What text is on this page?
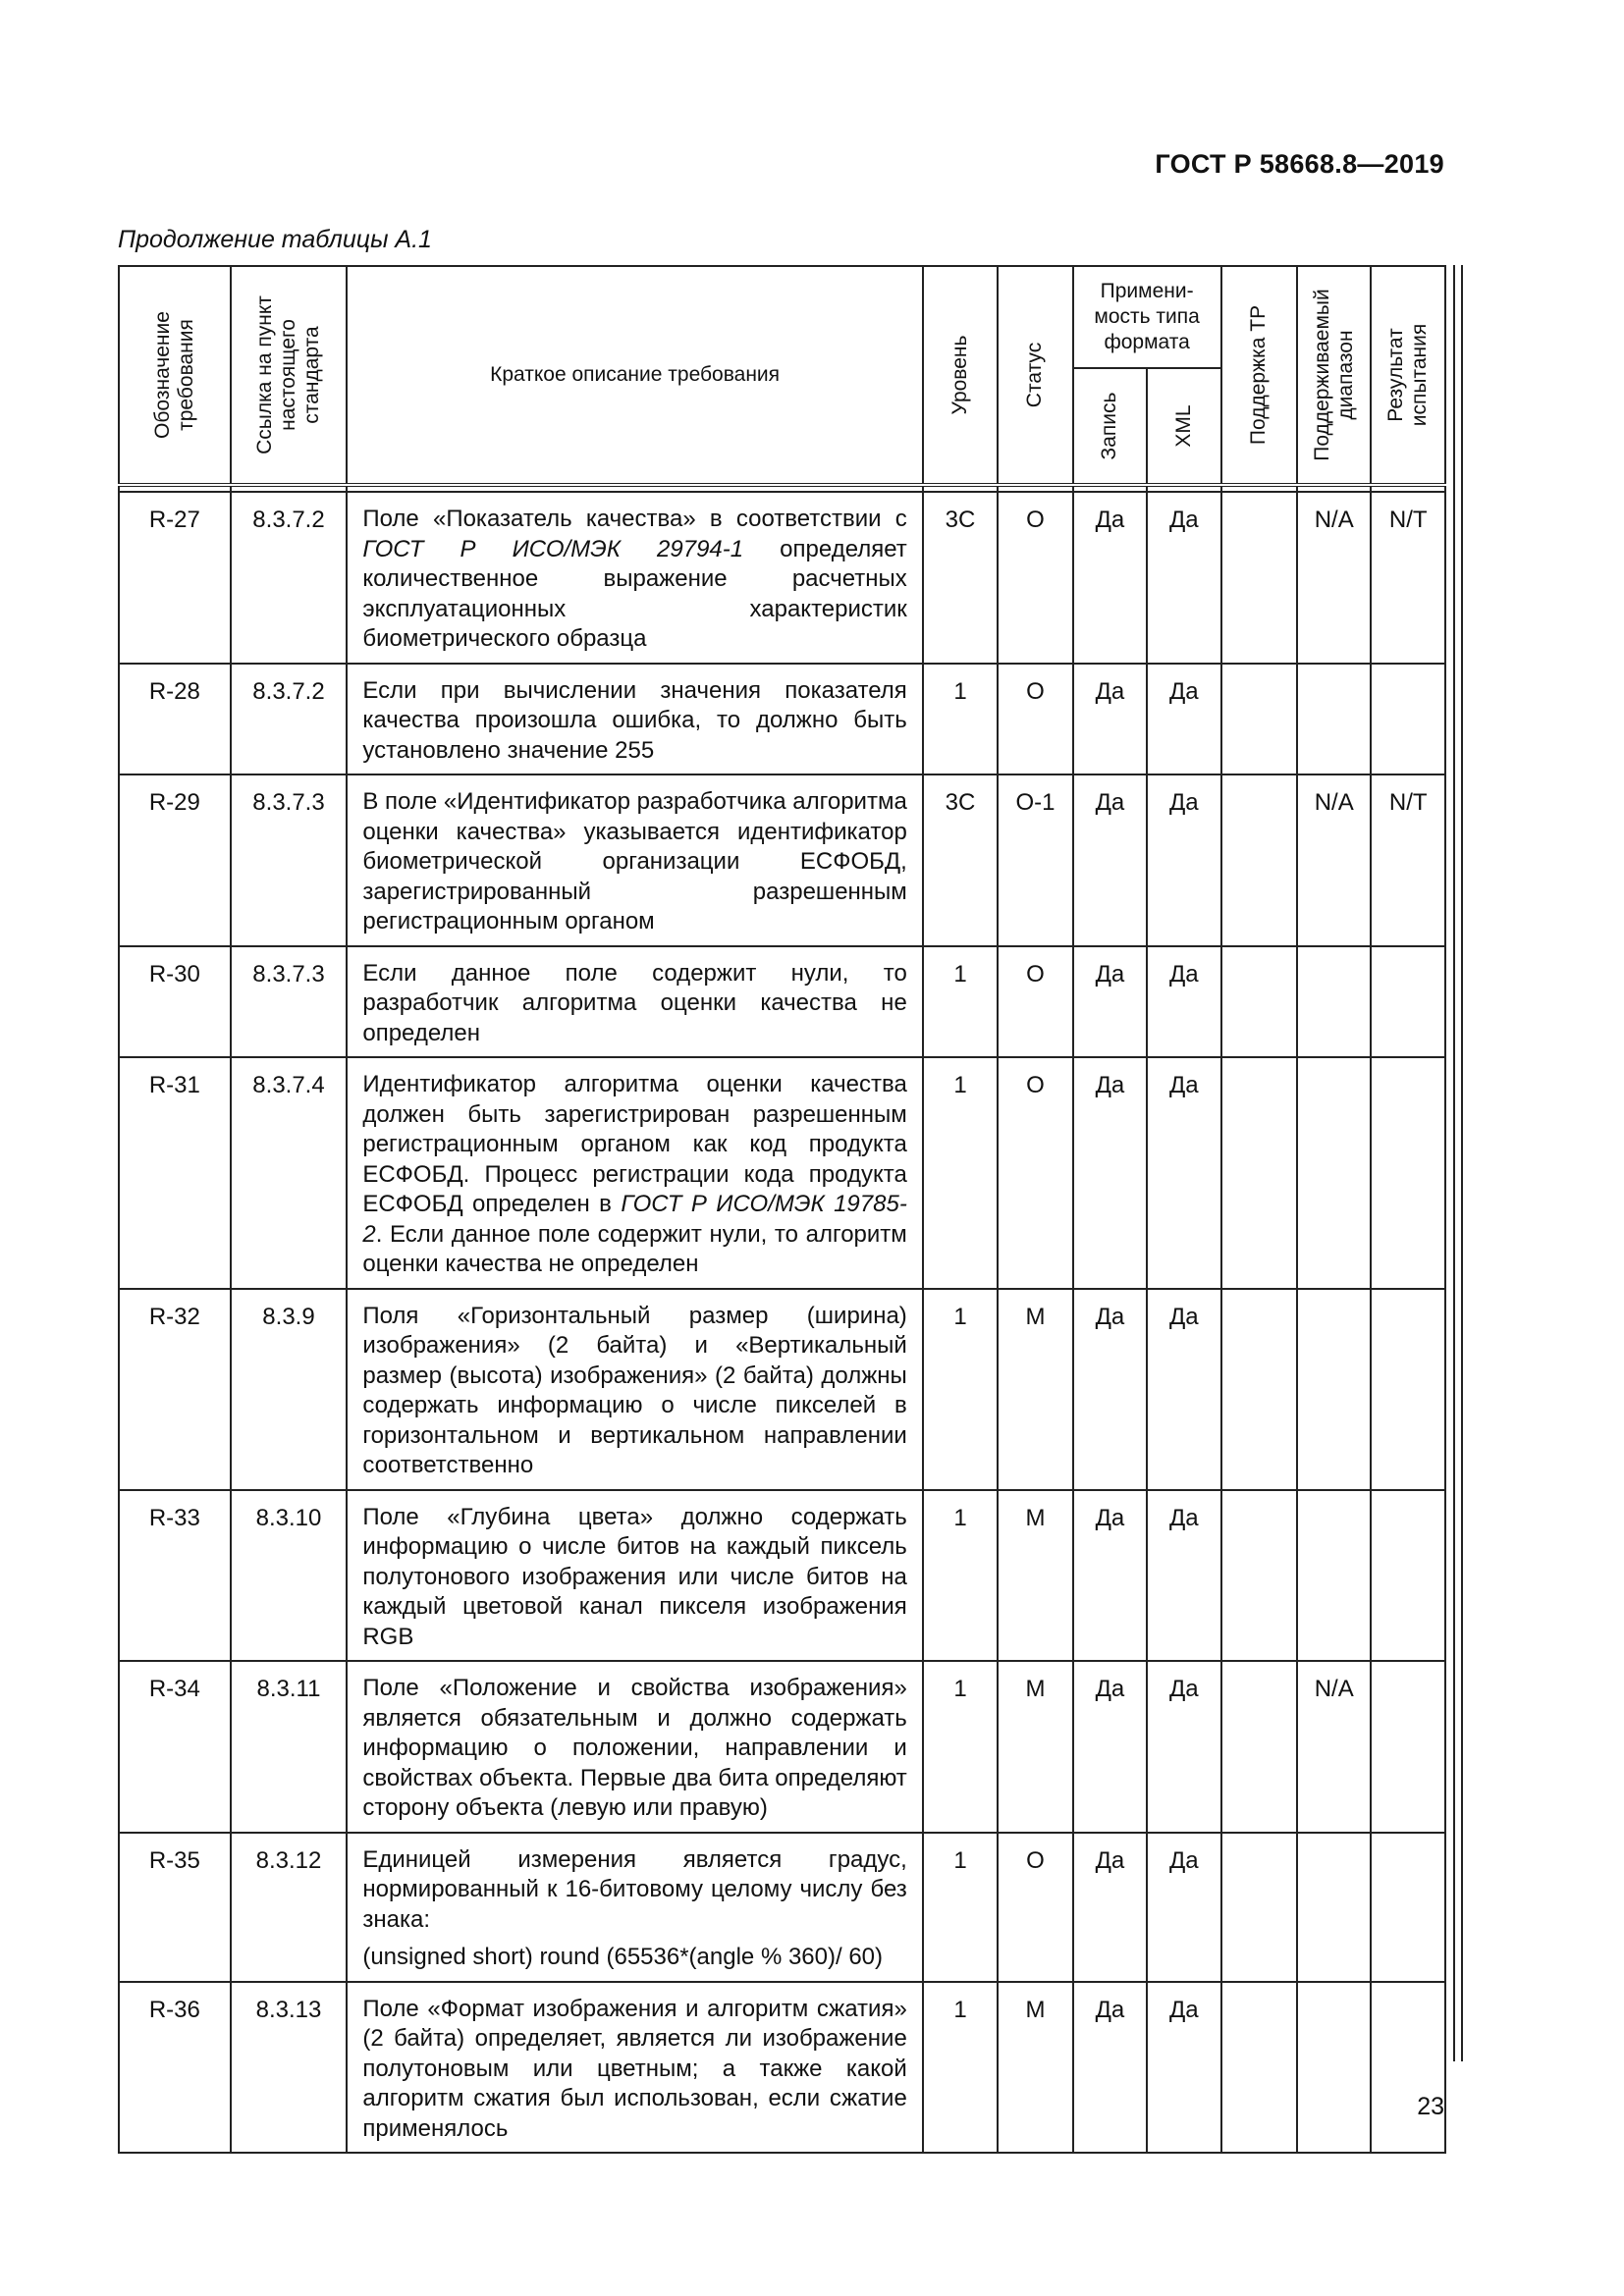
ГОСТ Р 58668.8—2019
Продолжение таблицы А.1
Обозначение требования	Ссылка на пункт настоящего стандарта	Краткое описание требования	Уровень	Статус	Примени-мость типа формата		Поддержка ТР	Поддерживаемый диапазон	Результат испытания

					Запись	XML			

R-27	8.3.7.2	Поле «Показатель качества» в соответствии с ГОСТ Р ИСО/МЭК 29794-1 определяет количественное выражение расчетных эксплуатационных характеристик биометрического образца	3С	О	Да	Да		N/A	N/T
R-28	8.3.7.2	Если при вычислении значения показателя качества произошла ошибка, то должно быть установлено значение 255	1	О	Да	Да			
R-29	8.3.7.3	В поле «Идентификатор разработчика алгоритма оценки качества» указывается идентификатор биометрической организации ЕСФОБД, зарегистрированный разрешенным регистрационным органом	3С	О-1	Да	Да		N/A	N/T
R-30	8.3.7.3	Если данное поле содержит нули, то разработчик алгоритма оценки качества не определен	1	О	Да	Да			
R-31	8.3.7.4	Идентификатор алгоритма оценки качества должен быть зарегистрирован разрешенным регистрационным органом как код продукта ЕСФОБД. Процесс регистрации кода продукта ЕСФОБД определен в ГОСТ Р ИСО/МЭК 19785-2. Если данное поле содержит нули, то алгоритм оценки качества не определен	1	О	Да	Да			
R-32	8.3.9	Поля «Горизонтальный размер (ширина) изображения» (2 байта) и «Вертикальный размер (высота) изображения» (2 байта) должны содержать информацию о числе пикселей в горизонтальном и вертикальном направлении соответственно	1	М	Да	Да			
R-33	8.3.10	Поле «Глубина цвета» должно содержать информацию о числе битов на каждый пиксель полутонового изображения или числе битов на каждый цветовой канал пикселя изображения RGB	1	М	Да	Да			
R-34	8.3.11	Поле «Положение и свойства изображения» является обязательным и должно содержать информацию о положении, направлении и свойствах объекта. Первые два бита определяют сторону объекта (левую или правую)	1	М	Да	Да		N/A	
R-35	8.3.12	Единицей измерения является градус, нормированный к 16-битовому целому числу без знака:

(unsigned short) round (65536*(angle % 360)/ 60)	1	О	Да	Да			
R-36	8.3.13	Поле «Формат изображения и алгоритм сжатия» (2 байта) определяет, является ли изображение полутоновым или цветным; а также какой алгоритм сжатия был использован, если сжатие применялось	1	М	Да	Да			
23
